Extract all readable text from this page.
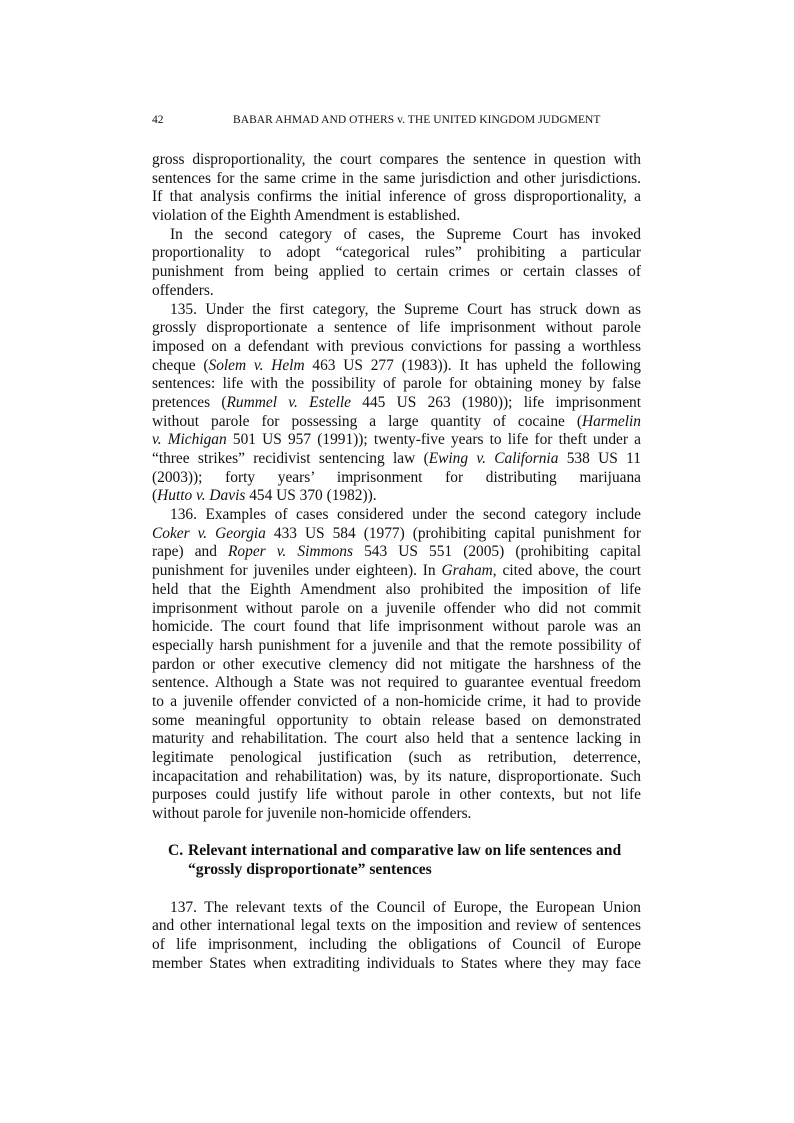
42	BABAR AHMAD AND OTHERS v. THE UNITED KINGDOM JUDGMENT
gross disproportionality, the court compares the sentence in question with
sentences for the same crime in the same jurisdiction and other jurisdictions.
If that analysis confirms the initial inference of gross disproportionality, a
violation of the Eighth Amendment is established.
In the second category of cases, the Supreme Court has invoked
proportionality to adopt “categorical rules” prohibiting a particular
punishment from being applied to certain crimes or certain classes of
offenders.
135. Under the first category, the Supreme Court has struck down as
grossly disproportionate a sentence of life imprisonment without parole
imposed on a defendant with previous convictions for passing a worthless
cheque (Solem v. Helm 463 US 277 (1983)). It has upheld the following
sentences: life with the possibility of parole for obtaining money by false
pretences (Rummel v. Estelle 445 US 263 (1980)); life imprisonment
without parole for possessing a large quantity of cocaine (Harmelin
v. Michigan 501 US 957 (1991)); twenty-five years to life for theft under a
“three strikes” recidivist sentencing law (Ewing v. California 538 US 11
(2003)); forty years’ imprisonment for distributing marijuana
(Hutto v. Davis 454 US 370 (1982)).
136. Examples of cases considered under the second category include
Coker v. Georgia 433 US 584 (1977) (prohibiting capital punishment for
rape) and Roper v. Simmons 543 US 551 (2005) (prohibiting capital
punishment for juveniles under eighteen). In Graham, cited above, the court
held that the Eighth Amendment also prohibited the imposition of life
imprisonment without parole on a juvenile offender who did not commit
homicide. The court found that life imprisonment without parole was an
especially harsh punishment for a juvenile and that the remote possibility of
pardon or other executive clemency did not mitigate the harshness of the
sentence. Although a State was not required to guarantee eventual freedom
to a juvenile offender convicted of a non-homicide crime, it had to provide
some meaningful opportunity to obtain release based on demonstrated
maturity and rehabilitation. The court also held that a sentence lacking in
legitimate penological justification (such as retribution, deterrence,
incapacitation and rehabilitation) was, by its nature, disproportionate. Such
purposes could justify life without parole in other contexts, but not life
without parole for juvenile non-homicide offenders.
C. Relevant international and comparative law on life sentences and
“grossly disproportionate” sentences
137. The relevant texts of the Council of Europe, the European Union
and other international legal texts on the imposition and review of sentences
of life imprisonment, including the obligations of Council of Europe
member States when extraditing individuals to States where they may face
